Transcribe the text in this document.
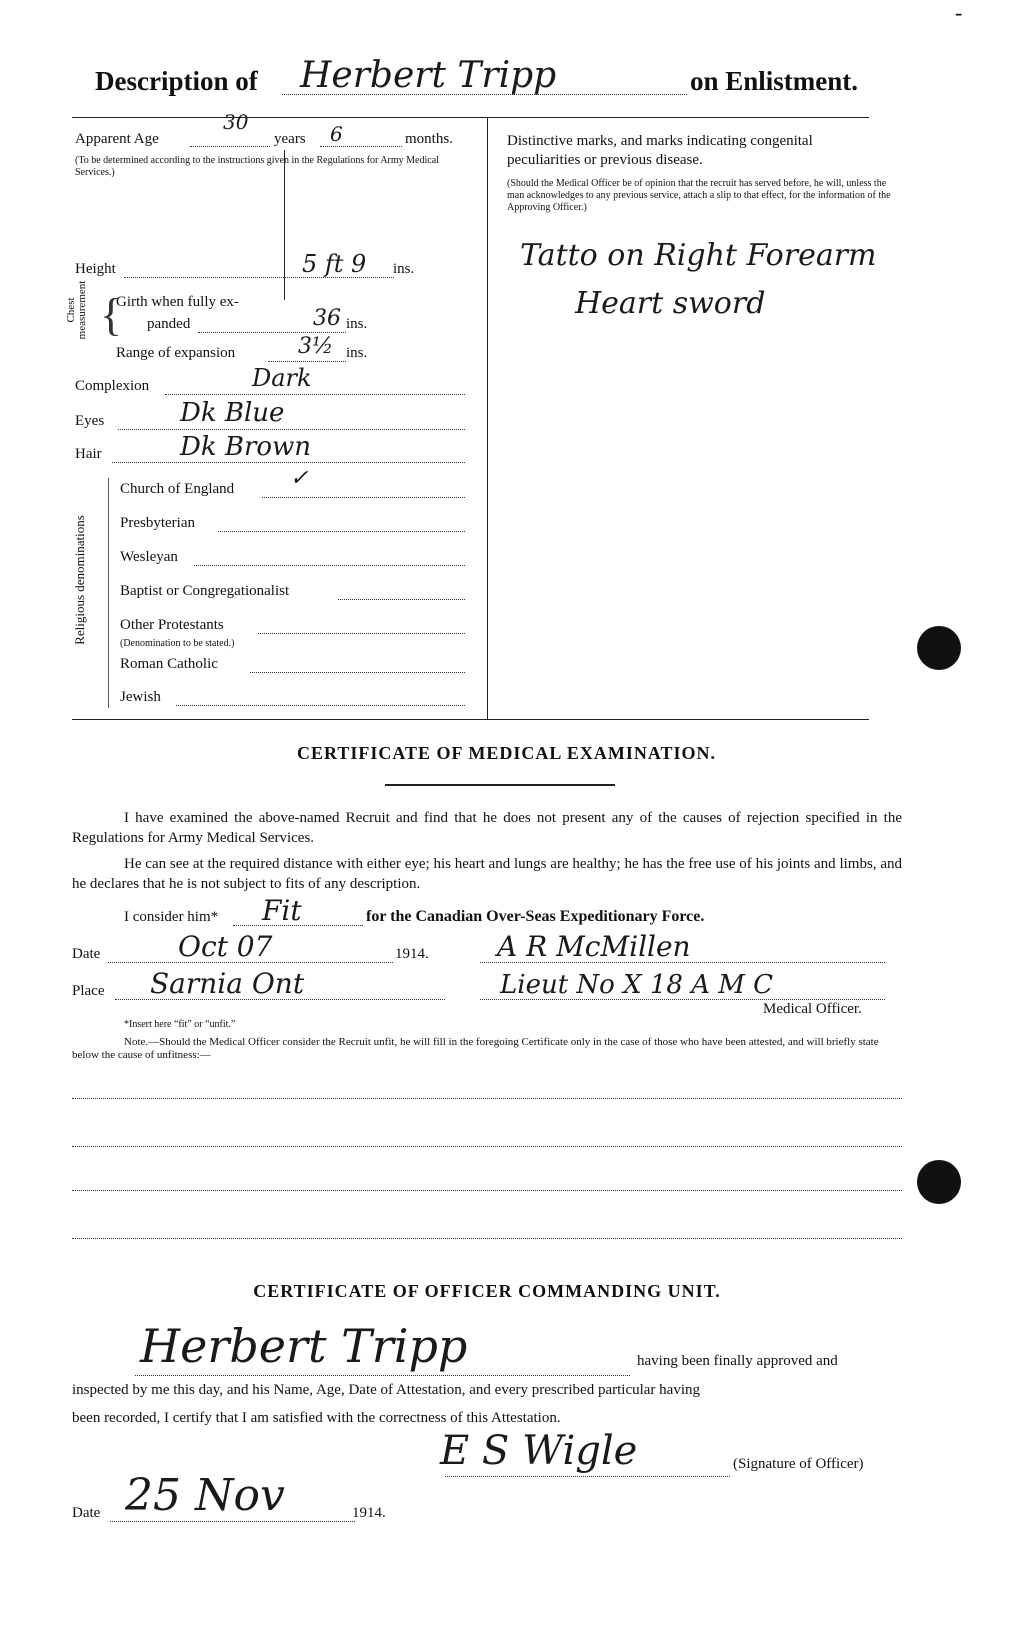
-
Description of Herbert Tripp	on Enlistment.
Apparent Age
30
years 6	months.
(To be determined according to the instructions given in the Regulations for Army Medical Services.)
Height	5 ft 9 ins.
Chest measurement {
Girth when fully ex-
panded	36 ins.
Range of expansion	3½ ins.
Complexion	Dark
Eyes	Dk Blue
Hair	Dk Brown
Religious denominations
Church of England	✓
Presbyterian
Wesleyan
Baptist or Congregationalist
Other Protestants
(Denomination to be stated.)
Roman Catholic
Jewish
Distinctive marks, and marks indicating congenital
peculiarities or previous disease.
(Should the Medical Officer be of opinion that the recruit has served before, he will, unless the man acknowledges to any previous service, attach a slip to that effect, for the information of the Approving Officer.)
Tatto on Right Forearm
Heart sword
CERTIFICATE OF MEDICAL EXAMINATION.
I have examined the above-named Recruit and find that he does not present any of the causes of rejection specified in the Regulations for Army Medical Services.
He can see at the required distance with either eye; his heart and lungs are healthy; he has the free use of his joints and limbs, and he declares that he is not subject to fits of any description.
I consider him* Fit	for the Canadian Over-Seas Expeditionary Force.
Date	Oct 07	1914. A R McMillen
Place Sarnia Ont	Lieut No X 18 A M C
Medical Officer.
*Insert here “fit” or “unfit.”
Note.—Should the Medical Officer consider the Recruit unfit, he will fill in the foregoing Certificate only in the case of those who have been attested, and will briefly state below the cause of unfitness:—
CERTIFICATE OF OFFICER COMMANDING UNIT.
Herbert Tripp	having been finally approved and
inspected by me this day, and his Name, Age, Date of Attestation, and every prescribed particular having
been recorded, I certify that I am satisfied with the correctness of this Attestation.
E S Wigle	(Signature of Officer)
Date 25 Nov	1914.
